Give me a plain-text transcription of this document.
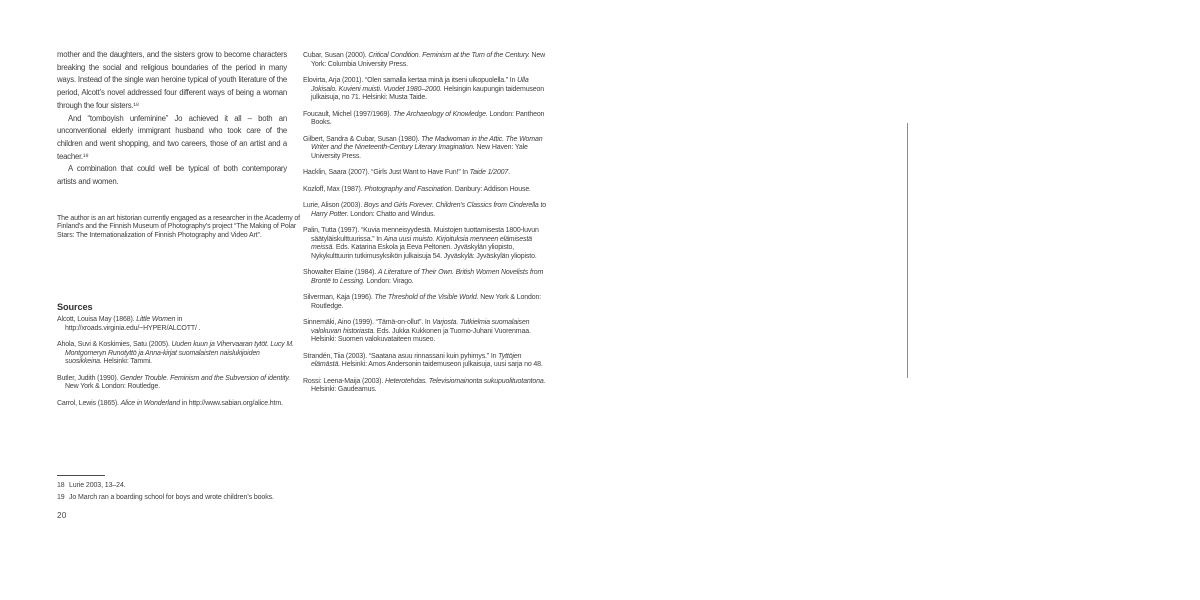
mother and the daughters, and the sisters grow to become characters breaking the social and religious boundaries of the period in many ways. Instead of the single wan heroine typical of youth literature of the period, Alcott’s novel addressed four different ways of being a woman through the four sisters.¹⁸
And “tomboyish unfeminine” Jo achieved it all – both an unconventional elderly immigrant husband who took care of the children and went shopping, and two careers, those of an artist and a teacher.¹⁹
A combination that could well be typical of both contemporary artists and women.
The author is an art historian currently engaged as a researcher in the Academy of Finland’s and the Finnish Museum of Photography’s project “The Making of Polar Stars: The Internationalization of Finnish Photography and Video Art”.
Sources
Alcott, Louisa May (1868). Little Women in http://xroads.virginia.edu/~HYPER/ALCOTT/ .
Ahola, Suvi & Koskimies, Satu (2005). Uuden kuun ja Vihervaaran tytöt. Lucy M. Montgomeryn Runotyttö ja Anna-kirjat suomalaisten naislukijoiden suosikkeina. Helsinki: Tammi.
Butler, Judith (1990). Gender Trouble. Feminism and the Subversion of identity. New York & London: Routledge.
Carrol, Lewis (1865). Alice in Wonderland in http://www.sabian.org/alice.htm.
Cubar, Susan (2000). Critical Condition. Feminism at the Turn of the Century. New York: Columbia University Press.
Elovirta, Arja (2001). “Olen samalla kertaa minä ja itseni ulkopuolella.” In Ulla Jokisalo. Kuvieni muisti. Vuodet 1980–2000. Helsingin kaupungin taidemuseon julkaisuja, no 71. Helsinki: Musta Taide.
Foucault, Michel (1997/1969). The Archaeology of Knowledge. London: Pantheon Books.
Gilbert, Sandra & Cubar, Susan (1980). The Madwoman in the Attic. The Woman Writer and the Nineteenth-Century Literary Imagination. New Haven: Yale University Press.
Hacklin, Saara (2007). “Girls Just Want to Have Fun!” In Taide 1/2007.
Kozloff, Max (1987). Photography and Fascination. Danbury: Addison House.
Lurie, Alison (2003). Boys and Girls Forever. Children’s Classics from Cinderella to Harry Potter. London: Chatto and Windus.
Palin, Tutta (1997). “Kuvia menneisyydestä. Muistojen tuottamisesta 1800-luvun säätyläiskulttuurissa.” In Aina uusi muisto. Kirjoituksia menneen elämisestä meissä. Eds. Katarina Eskola ja Eeva Peltonen. Jyväskylän yliopisto, Nykykulttuurin tutkimusyksikön julkaisuja 54. Jyväskylä: Jyväskylän yliopisto.
Showalter Elaine (1984). A Literature of Their Own. British Women Novelists from Brontë to Lessing. London: Virago.
Silverman, Kaja (1996). The Threshold of the Visible World. New York & London: Routledge.
Sinnemäki, Aino (1999). “Tämä-on-ollut”. In Varjosta. Tutkielmia suomalaisen valokuvan historiasta. Eds. Jukka Kukkonen ja Tuomo-Juhani Vuorenmaa. Helsinki: Suomen valokuvataiteen museo.
Strandén, Tiia (2003). “Saatana asuu rinnassani kuin pyhimys.” In Tyttöjen elämästä. Helsinki: Amos Andersonin taidemuseon julkaisuja, uusi sarja no 48.
Rossi: Leena-Maija (2003). Heterotehdas. Televisiomainonta sukupuolituotantona. Helsinki: Gaudeamus.
18 Lurie 2003, 13–24.
19 Jo March ran a boarding school for boys and wrote children’s books.
20
